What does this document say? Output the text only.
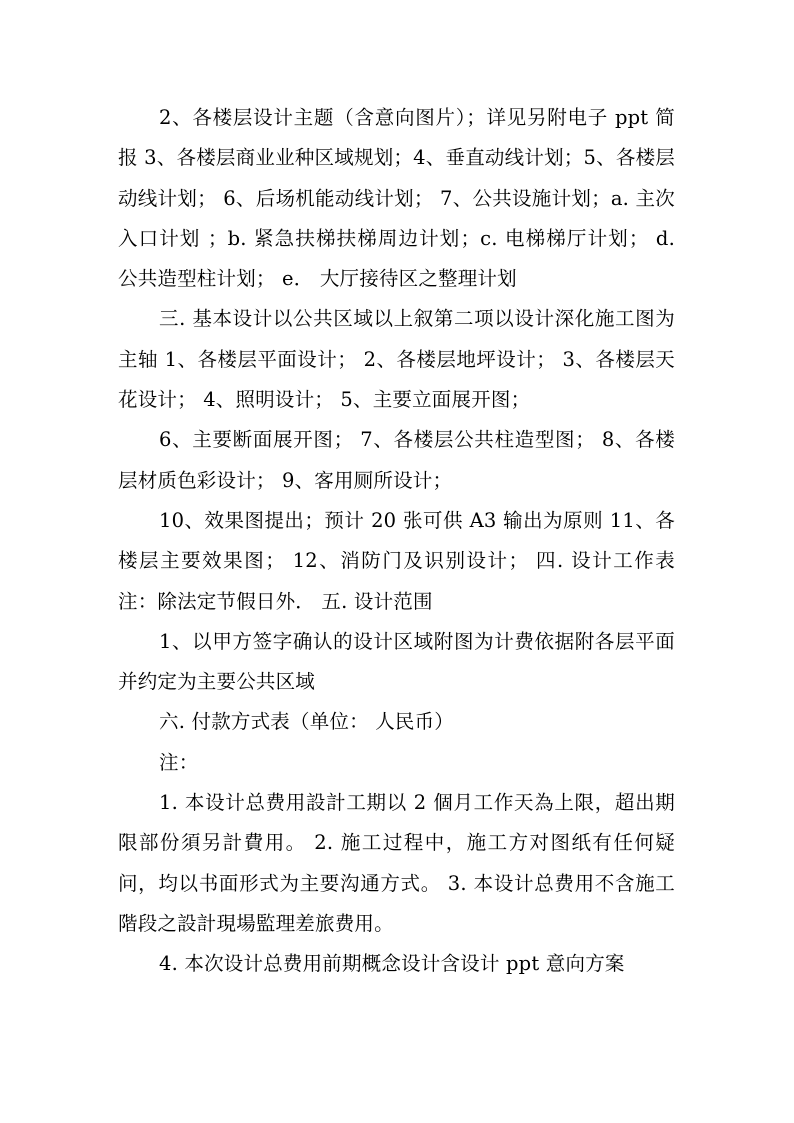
2、各楼层设计主题（含意向图片）；详见另附电子 ppt 简报 3、各楼层商业业种区域规划；4、垂直动线计划；5、各楼层动线计划； 6、后场机能动线计划； 7、公共设施计划；a. 主次入口计划 ；b. 紧急扶梯扶梯周边计划；c. 电梯梯厅计划； d. 公共造型柱计划； e． 大厅接待区之整理计划

三. 基本设计以公共区域以上叙第二项以设计深化施工图为主轴 1、各楼层平面设计； 2、各楼层地坪设计； 3、各楼层天花设计； 4、照明设计； 5、主要立面展开图；

6、主要断面展开图； 7、各楼层公共柱造型图； 8、各楼层材质色彩设计； 9、客用厕所设计；

10、效果图提出；预计 20 张可供 A3 输出为原则 11、各楼层主要效果图； 12、消防门及识别设计； 四. 设计工作表注：除法定节假日外． 五. 设计范围

1、以甲方签字确认的设计区域附图为计费依据附各层平面并约定为主要公共区域

六. 付款方式表（单位： 人民币）

注：

1. 本设计总费用設計工期以 2 個月工作天為上限，超出期限部份須另計費用。 2. 施工过程中，施工方对图纸有任何疑问，均以书面形式为主要沟通方式。 3. 本设计总费用不含施工階段之設計現場監理差旅费用。

4. 本次设计总费用前期概念设计含设计 ppt 意向方案
